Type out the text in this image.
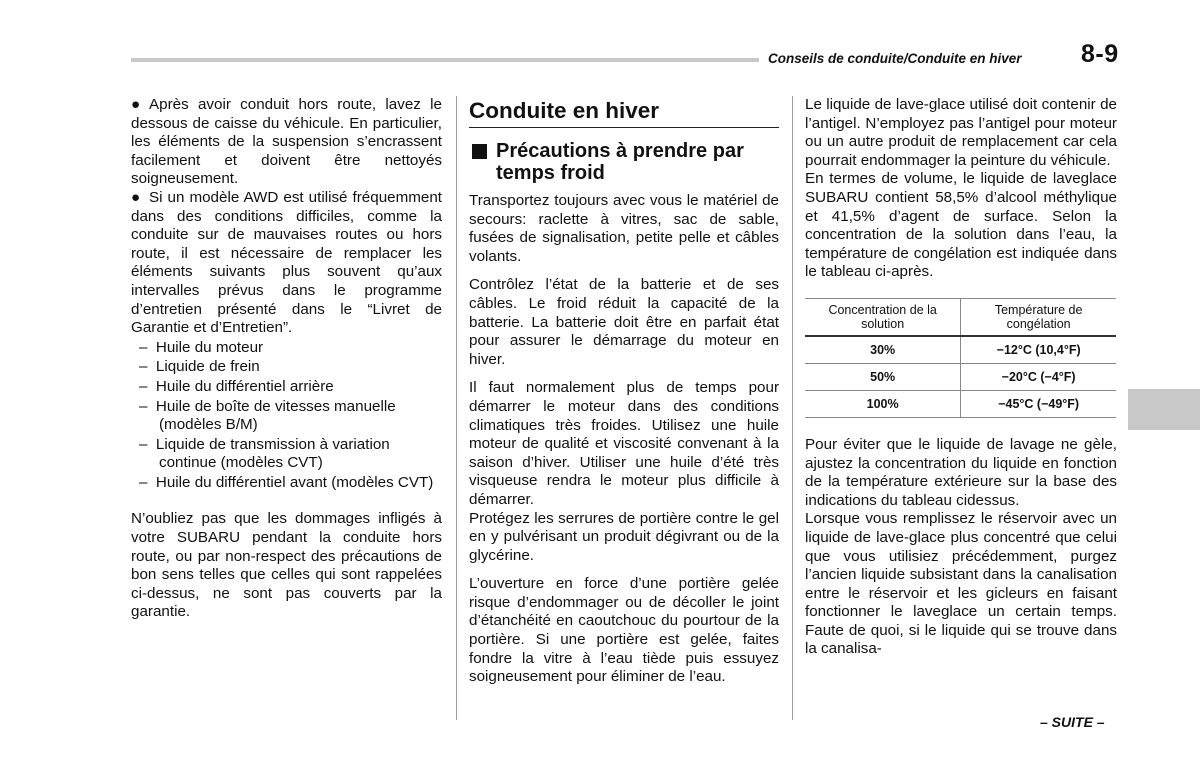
Conseils de conduite/Conduite en hiver 8-9

● Après avoir conduit hors route, lavez le dessous de caisse du véhicule. En particulier, les éléments de la suspension s’encrassent facilement et doivent être nettoyés soigneusement.

● Si un modèle AWD est utilisé fréquemment dans des conditions difficiles, comme la conduite sur de mauvaises routes ou hors route, il est nécessaire de remplacer les éléments suivants plus souvent qu’aux intervalles prévus dans le programme d’entretien présenté dans le “Livret de Garantie et d’Entretien”.

–  Huile du moteur

–  Liquide de frein

–  Huile du différentiel arrière

–  Huile de boîte de vitesses manuelle (modèles B/M)

–  Liquide de transmission à variation continue (modèles CVT)

–  Huile du différentiel avant (modèles CVT)

N’oubliez pas que les dommages infligés à votre SUBARU pendant la conduite hors route, ou par non-respect des précautions de bon sens telles que celles qui sont rappelées ci-dessus, ne sont pas couverts par la garantie.

Conduite en hiver
Précautions à prendre par temps froid

Transportez toujours avec vous le matériel de secours: raclette à vitres, sac de sable, fusées de signalisation, petite pelle et câbles volants.

Contrôlez l’état de la batterie et de ses câbles. Le froid réduit la capacité de la batterie. La batterie doit être en parfait état pour assurer le démarrage du moteur en hiver.

Il faut normalement plus de temps pour démarrer le moteur dans des conditions climatiques très froides. Utilisez une huile moteur de qualité et viscosité convenant à la saison d’hiver. Utiliser une huile d’été très visqueuse rendra le moteur plus difficile à démarrer.

Protégez les serrures de portière contre le gel en y pulvérisant un produit dégivrant ou de la glycérine.

L’ouverture en force d’une portière gelée risque d’endommager ou de décoller le joint d’étanchéité en caoutchouc du pourtour de la portière. Si une portière est gelée, faites fondre la vitre à l’eau tiède puis essuyez soigneusement pour éliminer de l’eau.

Le liquide de lave-glace utilisé doit contenir de l’antigel. N’employez pas l’antigel pour moteur ou un autre produit de remplacement car cela pourrait endommager la peinture du véhicule.

En termes de volume, le liquide de laveglace SUBARU contient 58,5% d’alcool méthylique et 41,5% d’agent de surface. Selon la concentration de la solution dans l’eau, la température de congélation est indiquée dans le tableau ci-après.

Concentration de la solution	Température de congélation
30%	−12°C (10,4°F)
50%	−20°C (−4°F)
100%	−45°C (−49°F)

Pour éviter que le liquide de lavage ne gèle, ajustez la concentration du liquide en fonction de la température extérieure sur la base des indications du tableau cidessus.

Lorsque vous remplissez le réservoir avec un liquide de lave-glace plus concentré que celui que vous utilisiez précédemment, purgez l’ancien liquide subsistant dans la canalisation entre le réservoir et les gicleurs en faisant fonctionner le laveglace un certain temps. Faute de quoi, si le liquide qui se trouve dans la canalisa-

– SUITE –
